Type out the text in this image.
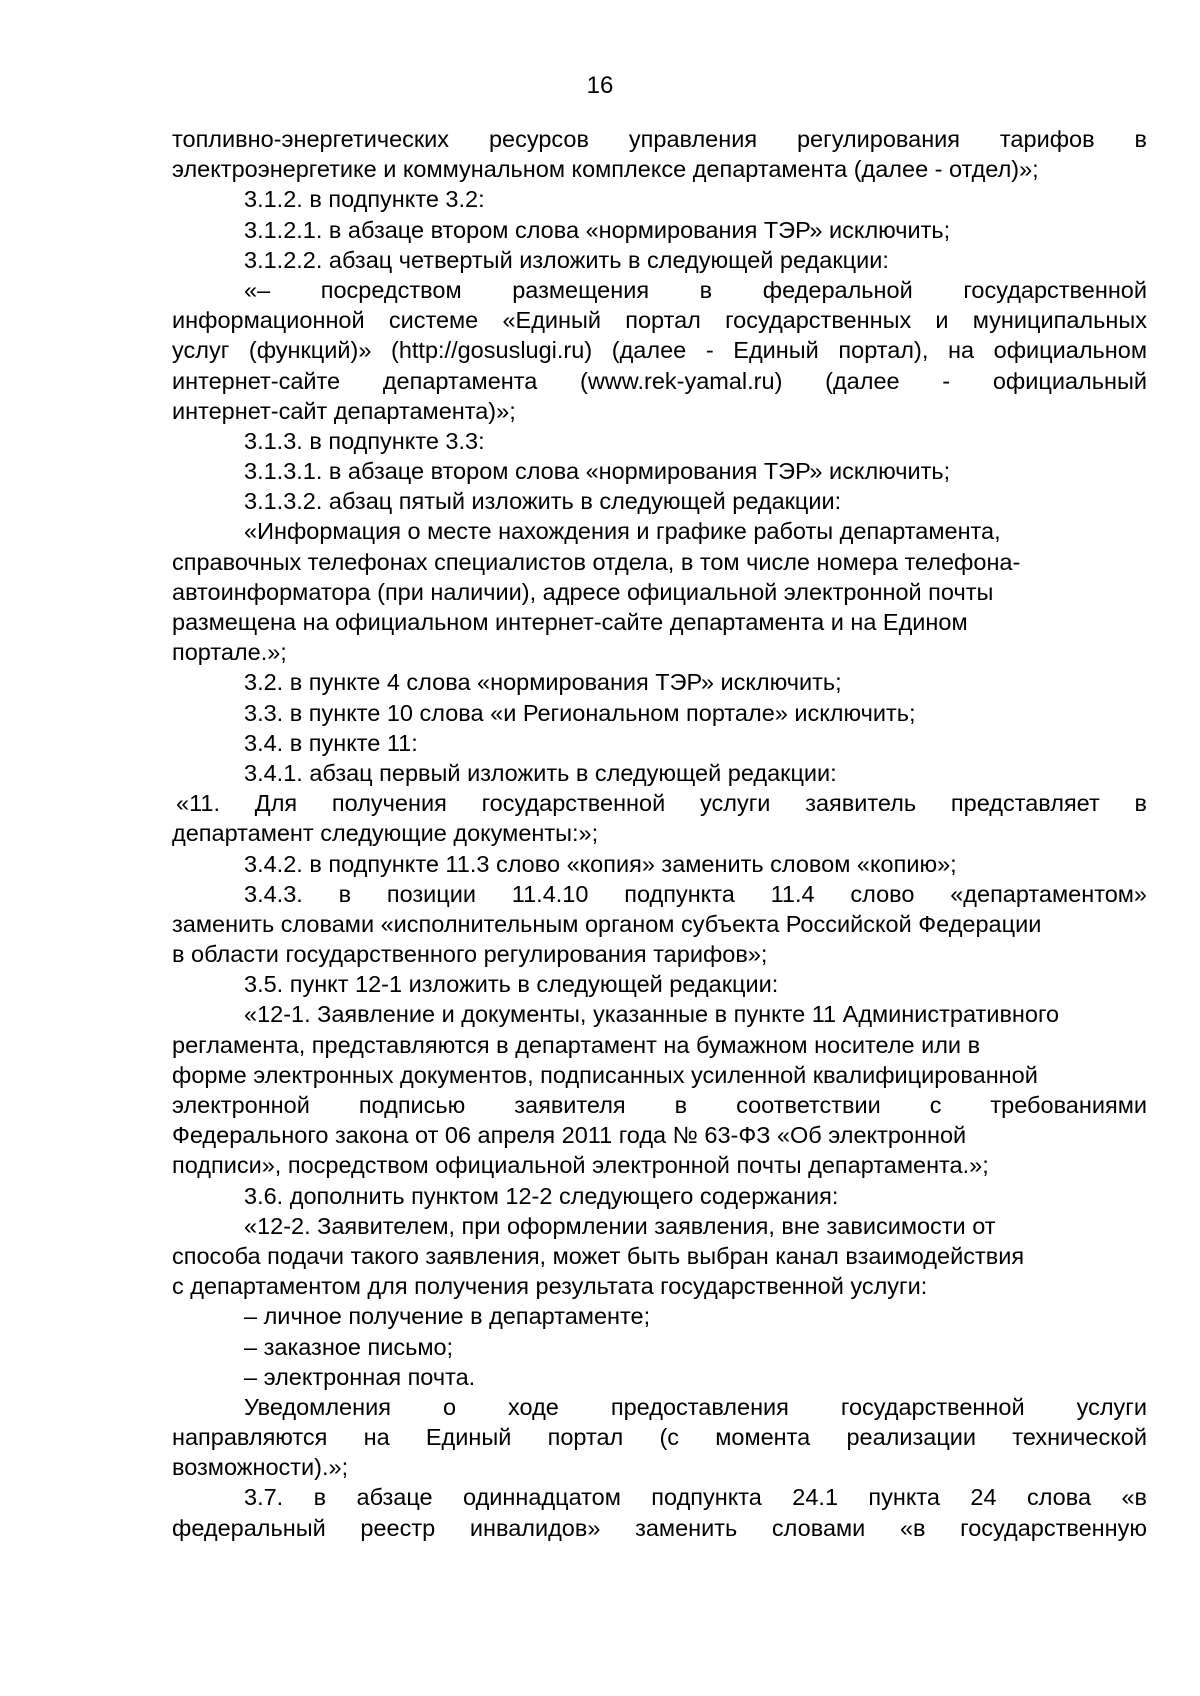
16
топливно-энергетических ресурсов управления регулирования тарифов в
электроэнергетике и коммунальном комплексе департамента (далее - отдел)»;
3.1.2. в подпункте 3.2:
3.1.2.1. в абзаце втором слова «нормирования ТЭР» исключить;
3.1.2.2. абзац четвертый изложить в следующей редакции:
«– посредством размещения в федеральной государственной
информационной системе «Единый портал государственных и муниципальных
услуг (функций)» (http://gosuslugi.ru) (далее - Единый портал), на официальном
интернет-сайте департамента (www.rek-yamal.ru) (далее - официальный
интернет-сайт департамента)»;
3.1.3. в подпункте 3.3:
3.1.3.1. в абзаце втором слова «нормирования ТЭР» исключить;
3.1.3.2. абзац пятый изложить в следующей редакции:
«Информация о месте нахождения и графике работы департамента,
справочных телефонах специалистов отдела, в том числе номера телефона-
автоинформатора (при наличии), адресе официальной электронной почты
размещена на официальном интернет-сайте департамента и на Едином
портале.»;
3.2. в пункте 4 слова «нормирования ТЭР» исключить;
3.3. в пункте 10 слова «и Региональном портале» исключить;
3.4. в пункте 11:
3.4.1. абзац первый изложить в следующей редакции:
«11. Для получения государственной услуги заявитель представляет в
департамент следующие документы:»;
3.4.2. в подпункте 11.3 слово «копия» заменить словом «копию»;
3.4.3. в позиции 11.4.10 подпункта 11.4 слово «департаментом»
заменить словами «исполнительным органом субъекта Российской Федерации
в области государственного регулирования тарифов»;
3.5. пункт 12-1 изложить в следующей редакции:
«12-1. Заявление и документы, указанные в пункте 11 Административного
регламента, представляются в департамент на бумажном носителе или в
форме электронных документов, подписанных усиленной квалифицированной
электронной подписью заявителя в соответствии с требованиями
Федерального закона от 06 апреля 2011 года № 63-ФЗ «Об электронной
подписи», посредством официальной электронной почты департамента.»;
3.6. дополнить пунктом 12-2 следующего содержания:
«12-2. Заявителем, при оформлении заявления, вне зависимости от
способа подачи такого заявления, может быть выбран канал взаимодействия
с департаментом для получения результата государственной услуги:
– личное получение в департаменте;
– заказное письмо;
– электронная почта.
Уведомления о ходе предоставления государственной услуги
направляются на Единый портал (с момента реализации технической
возможности).»;
3.7. в абзаце одиннадцатом подпункта 24.1 пункта 24 слова «в
федеральный реестр инвалидов» заменить словами «в государственную
